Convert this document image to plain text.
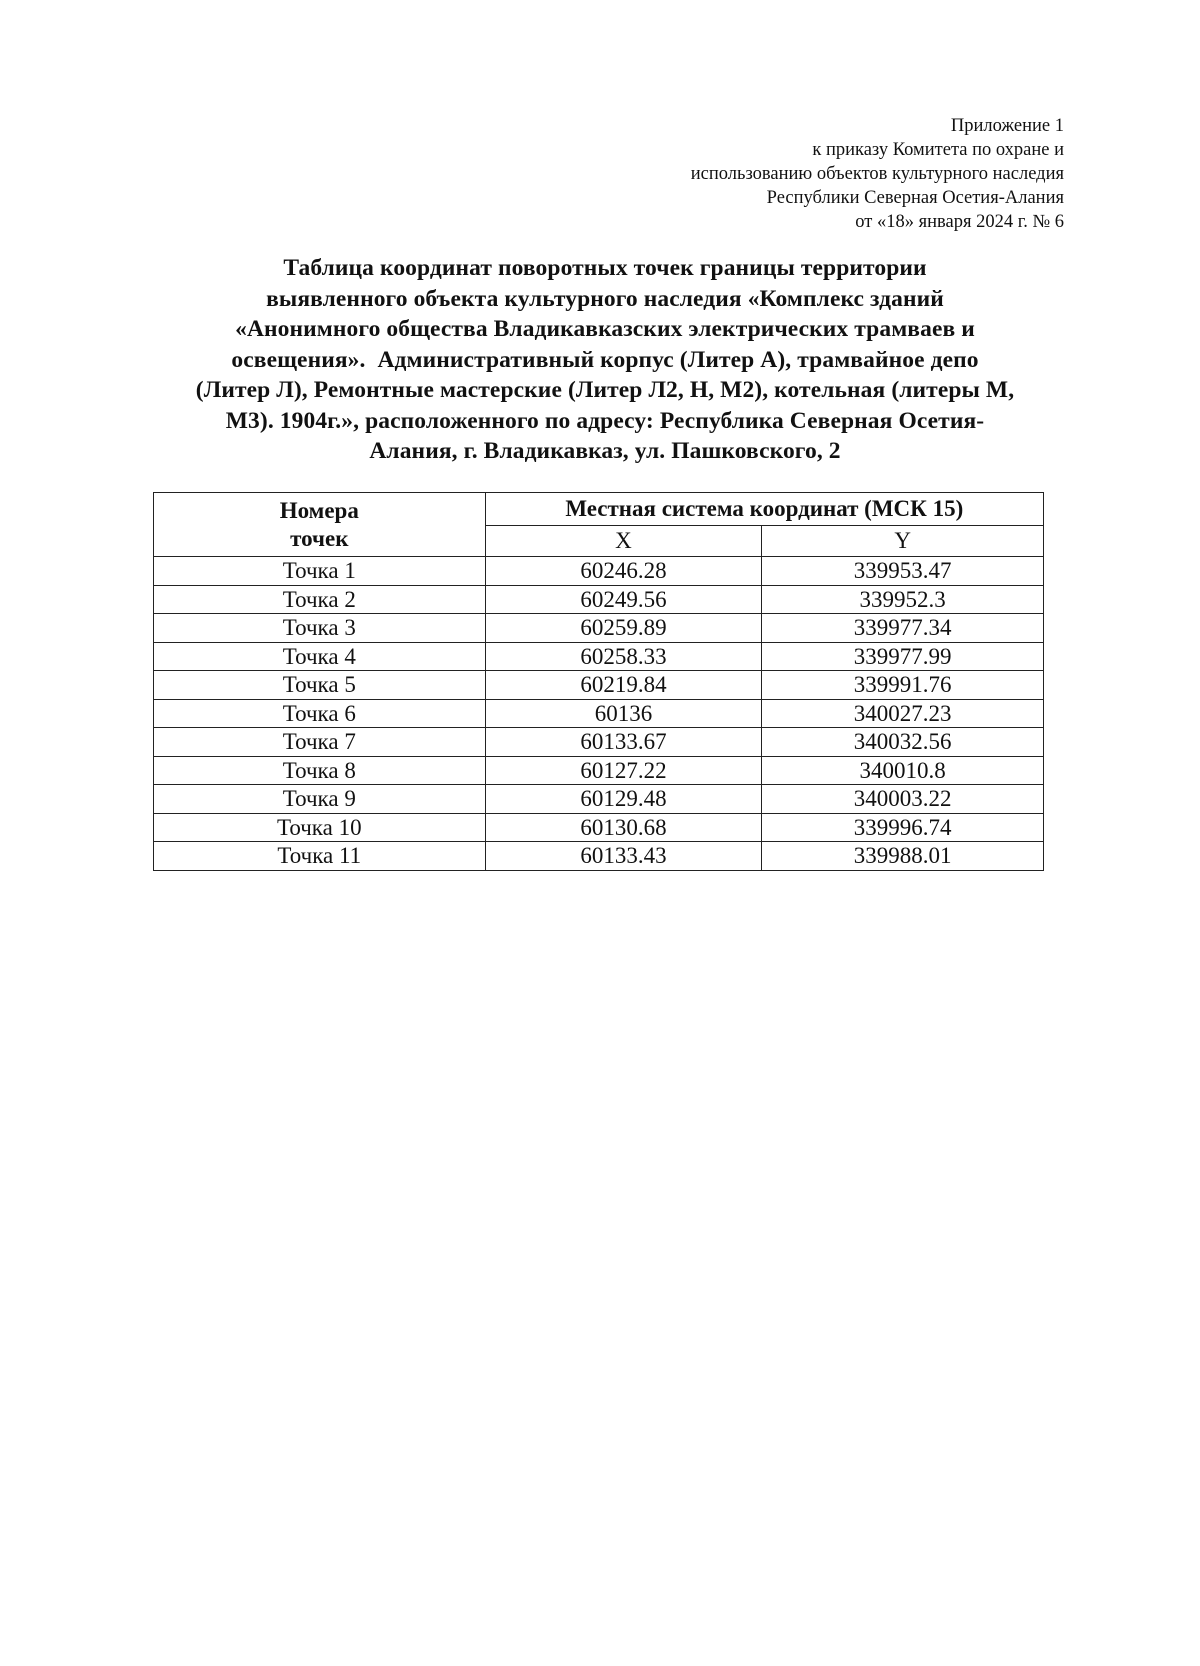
Приложение 1
к приказу Комитета по охране и
использованию объектов культурного наследия
Республики Северная Осетия-Алания
от «18» января 2024 г. № 6
Таблица координат поворотных точек границы территории
выявленного объекта культурного наследия «Комплекс зданий
«Анонимного общества Владикавказских электрических трамваев и
освещения».  Административный корпус (Литер А), трамвайное депо
(Литер Л), Ремонтные мастерские (Литер Л2, Н, М2), котельная (литеры М,
М3). 1904г.», расположенного по адресу: Республика Северная Осетия-
Алания, г. Владикавказ, ул. Пашковского, 2
Номера
точек	Местная система координат (МСК 15)	
	X	Y
Точка 1	60246.28	339953.47
Точка 2	60249.56	339952.3
Точка 3	60259.89	339977.34
Точка 4	60258.33	339977.99
Точка 5	60219.84	339991.76
Точка 6	60136	340027.23
Точка 7	60133.67	340032.56
Точка 8	60127.22	340010.8
Точка 9	60129.48	340003.22
Точка 10	60130.68	339996.74
Точка 11	60133.43	339988.01
